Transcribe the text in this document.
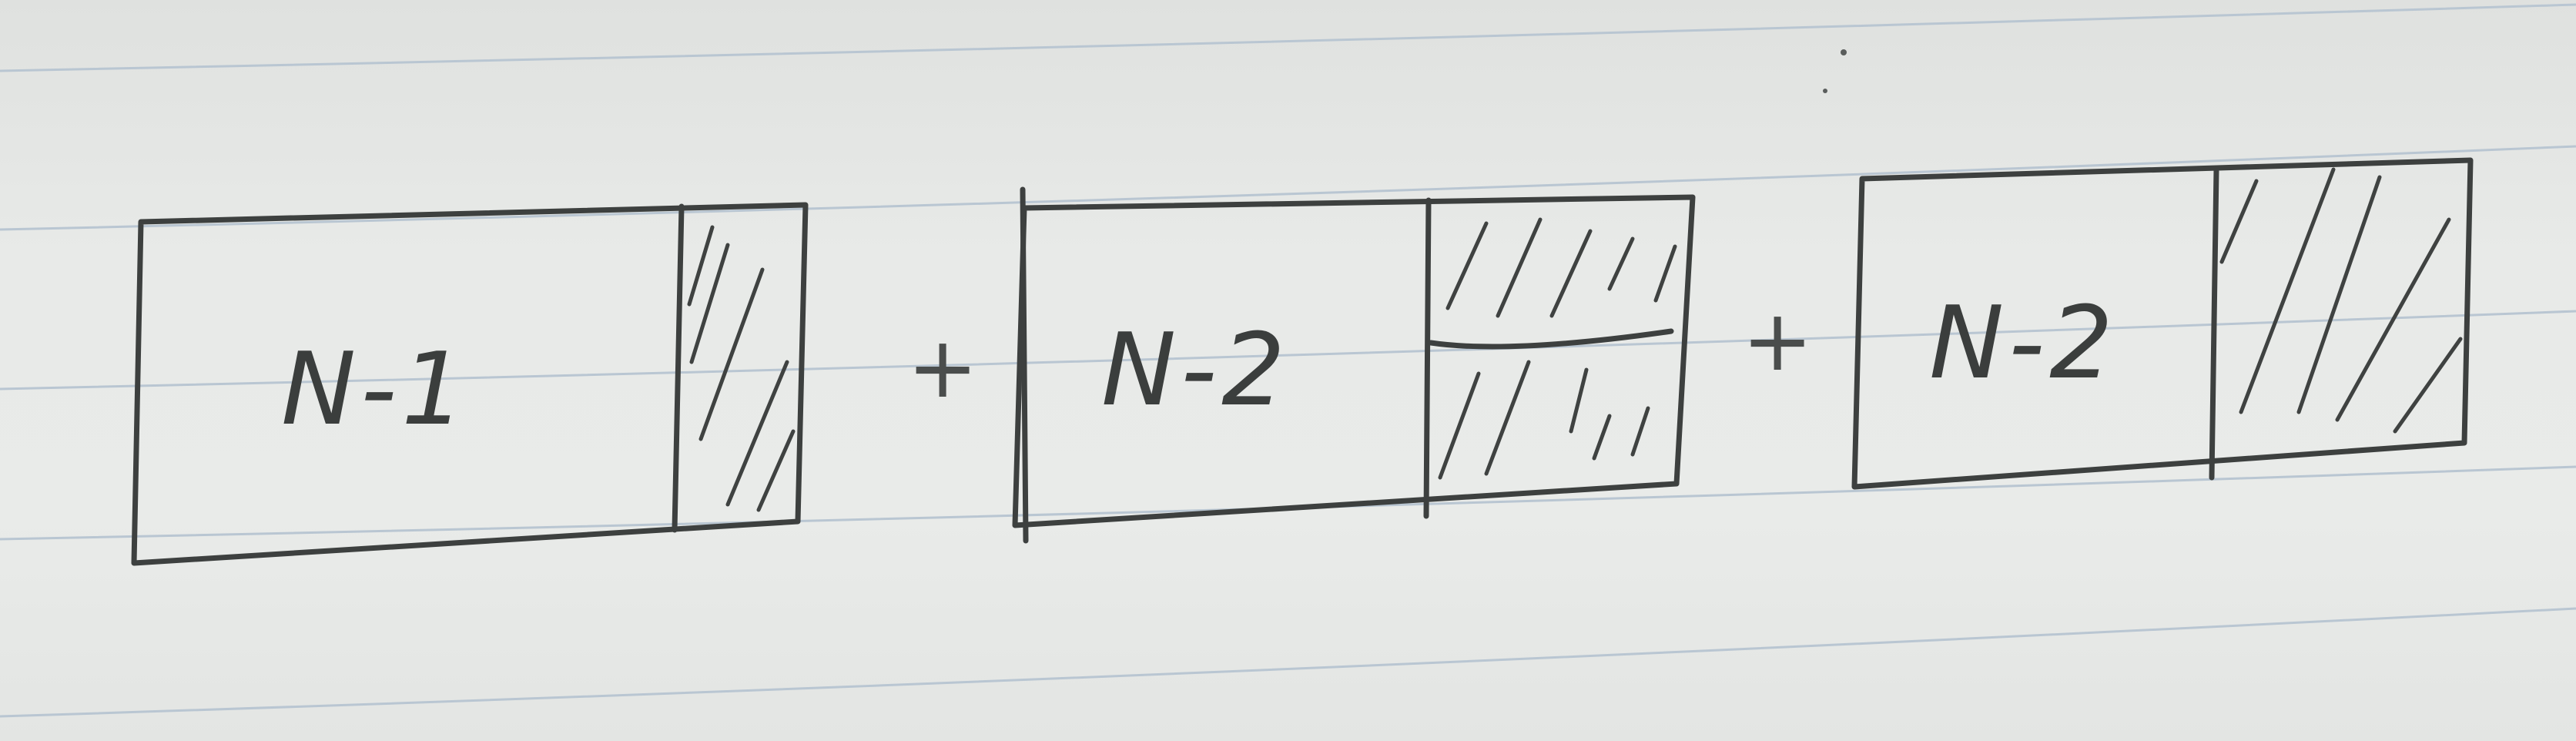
N-1	+ N-2	+ N-2
